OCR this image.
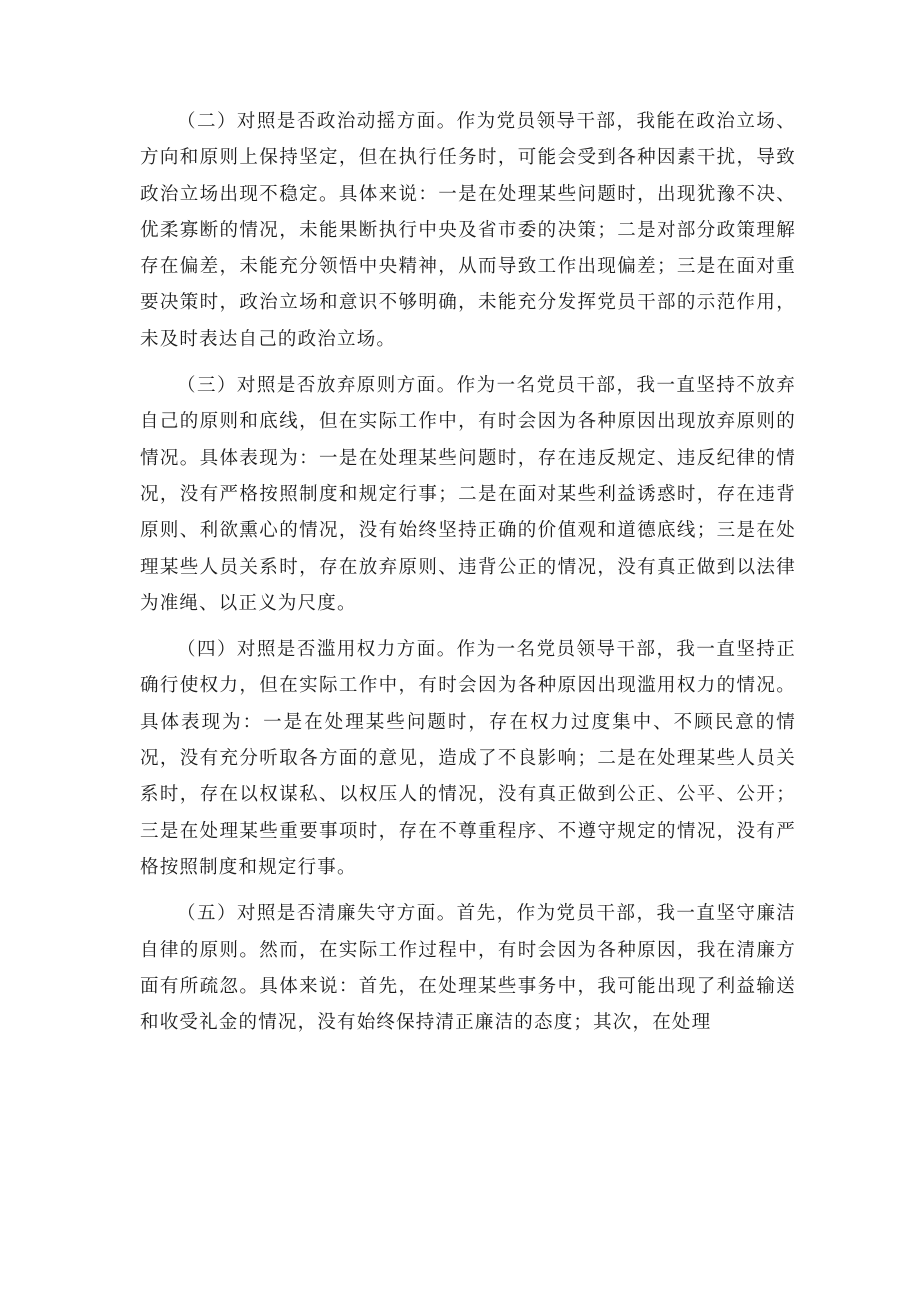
（二）对照是否政治动摇方面。作为党员领导干部，我能在政治立场、方向和原则上保持坚定，但在执行任务时，可能会受到各种因素干扰，导致政治立场出现不稳定。具体来说：一是在处理某些问题时，出现犹豫不决、优柔寡断的情况，未能果断执行中央及省市委的决策；二是对部分政策理解存在偏差，未能充分领悟中央精神，从而导致工作出现偏差；三是在面对重要决策时，政治立场和意识不够明确，未能充分发挥党员干部的示范作用，未及时表达自己的政治立场。

（三）对照是否放弃原则方面。作为一名党员干部，我一直坚持不放弃自己的原则和底线，但在实际工作中，有时会因为各种原因出现放弃原则的情况。具体表现为：一是在处理某些问题时，存在违反规定、违反纪律的情况，没有严格按照制度和规定行事；二是在面对某些利益诱惑时，存在违背原则、利欲熏心的情况，没有始终坚持正确的价值观和道德底线；三是在处理某些人员关系时，存在放弃原则、违背公正的情况，没有真正做到以法律为准绳、以正义为尺度。

（四）对照是否滥用权力方面。作为一名党员领导干部，我一直坚持正确行使权力，但在实际工作中，有时会因为各种原因出现滥用权力的情况。具体表现为：一是在处理某些问题时，存在权力过度集中、不顾民意的情况，没有充分听取各方面的意见，造成了不良影响；二是在处理某些人员关系时，存在以权谋私、以权压人的情况，没有真正做到公正、公平、公开；三是在处理某些重要事项时，存在不尊重程序、不遵守规定的情况，没有严格按照制度和规定行事。

（五）对照是否清廉失守方面。首先，作为党员干部，我一直坚守廉洁自律的原则。然而，在实际工作过程中，有时会因为各种原因，我在清廉方面有所疏忽。具体来说：首先，在处理某些事务中，我可能出现了利益输送和收受礼金的情况，没有始终保持清正廉洁的态度；其次，在处理
